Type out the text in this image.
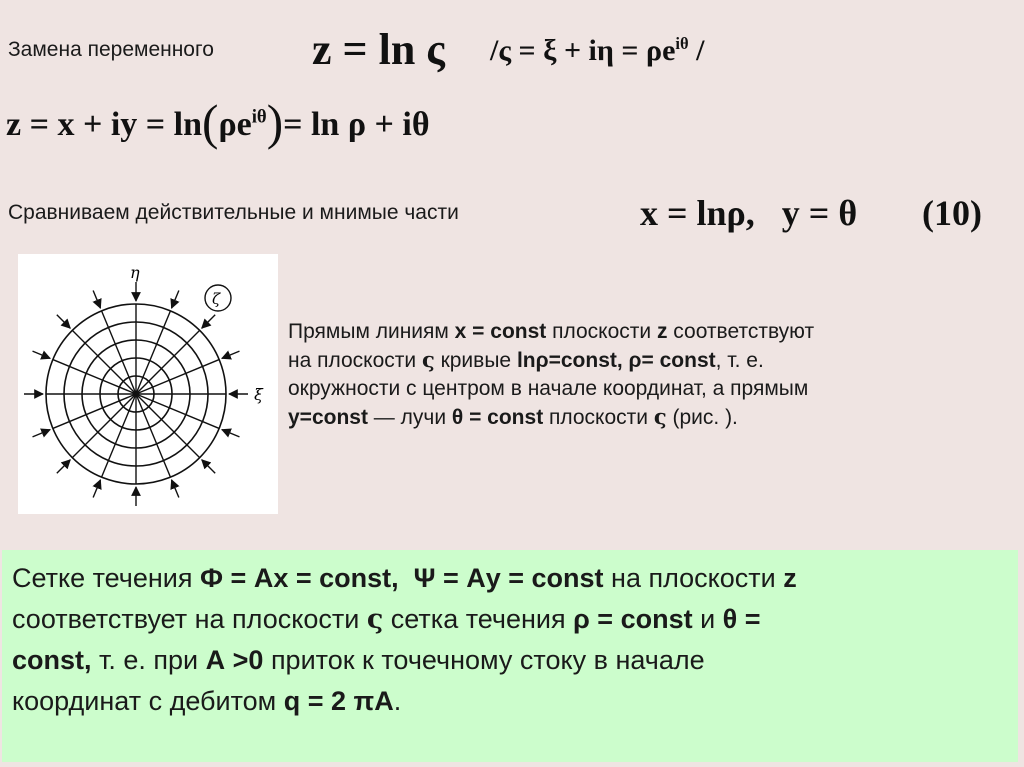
Замена переменного z = ln ς $/\varsigma = \xi + i\eta = \rho e^{i\theta}$ /
z = x + iy = $\ln(\rho e^{i\theta})= \ln \rho + i\theta$
Сравниваем действительные и мнимые части	x = lnρ,   y = θ (10)
η
ξ
ζ
Прямым линиям x = const плоскости z соответствуют
на плоскости ς кривые lnρ=const, ρ= const, т. е.
окружности с центром в начале координат, а прямым
y=const — лучи θ = const плоскости ς (рис. ).
Сетке течения Ф = Ах = const,  Ψ = Ау = const на плоскости z
соответствует на плоскости ς сетка течения ρ = const и θ =
const, т. е. при А >0 приток к точечному стоку в начале
координат с дебитом q = 2 πА.
